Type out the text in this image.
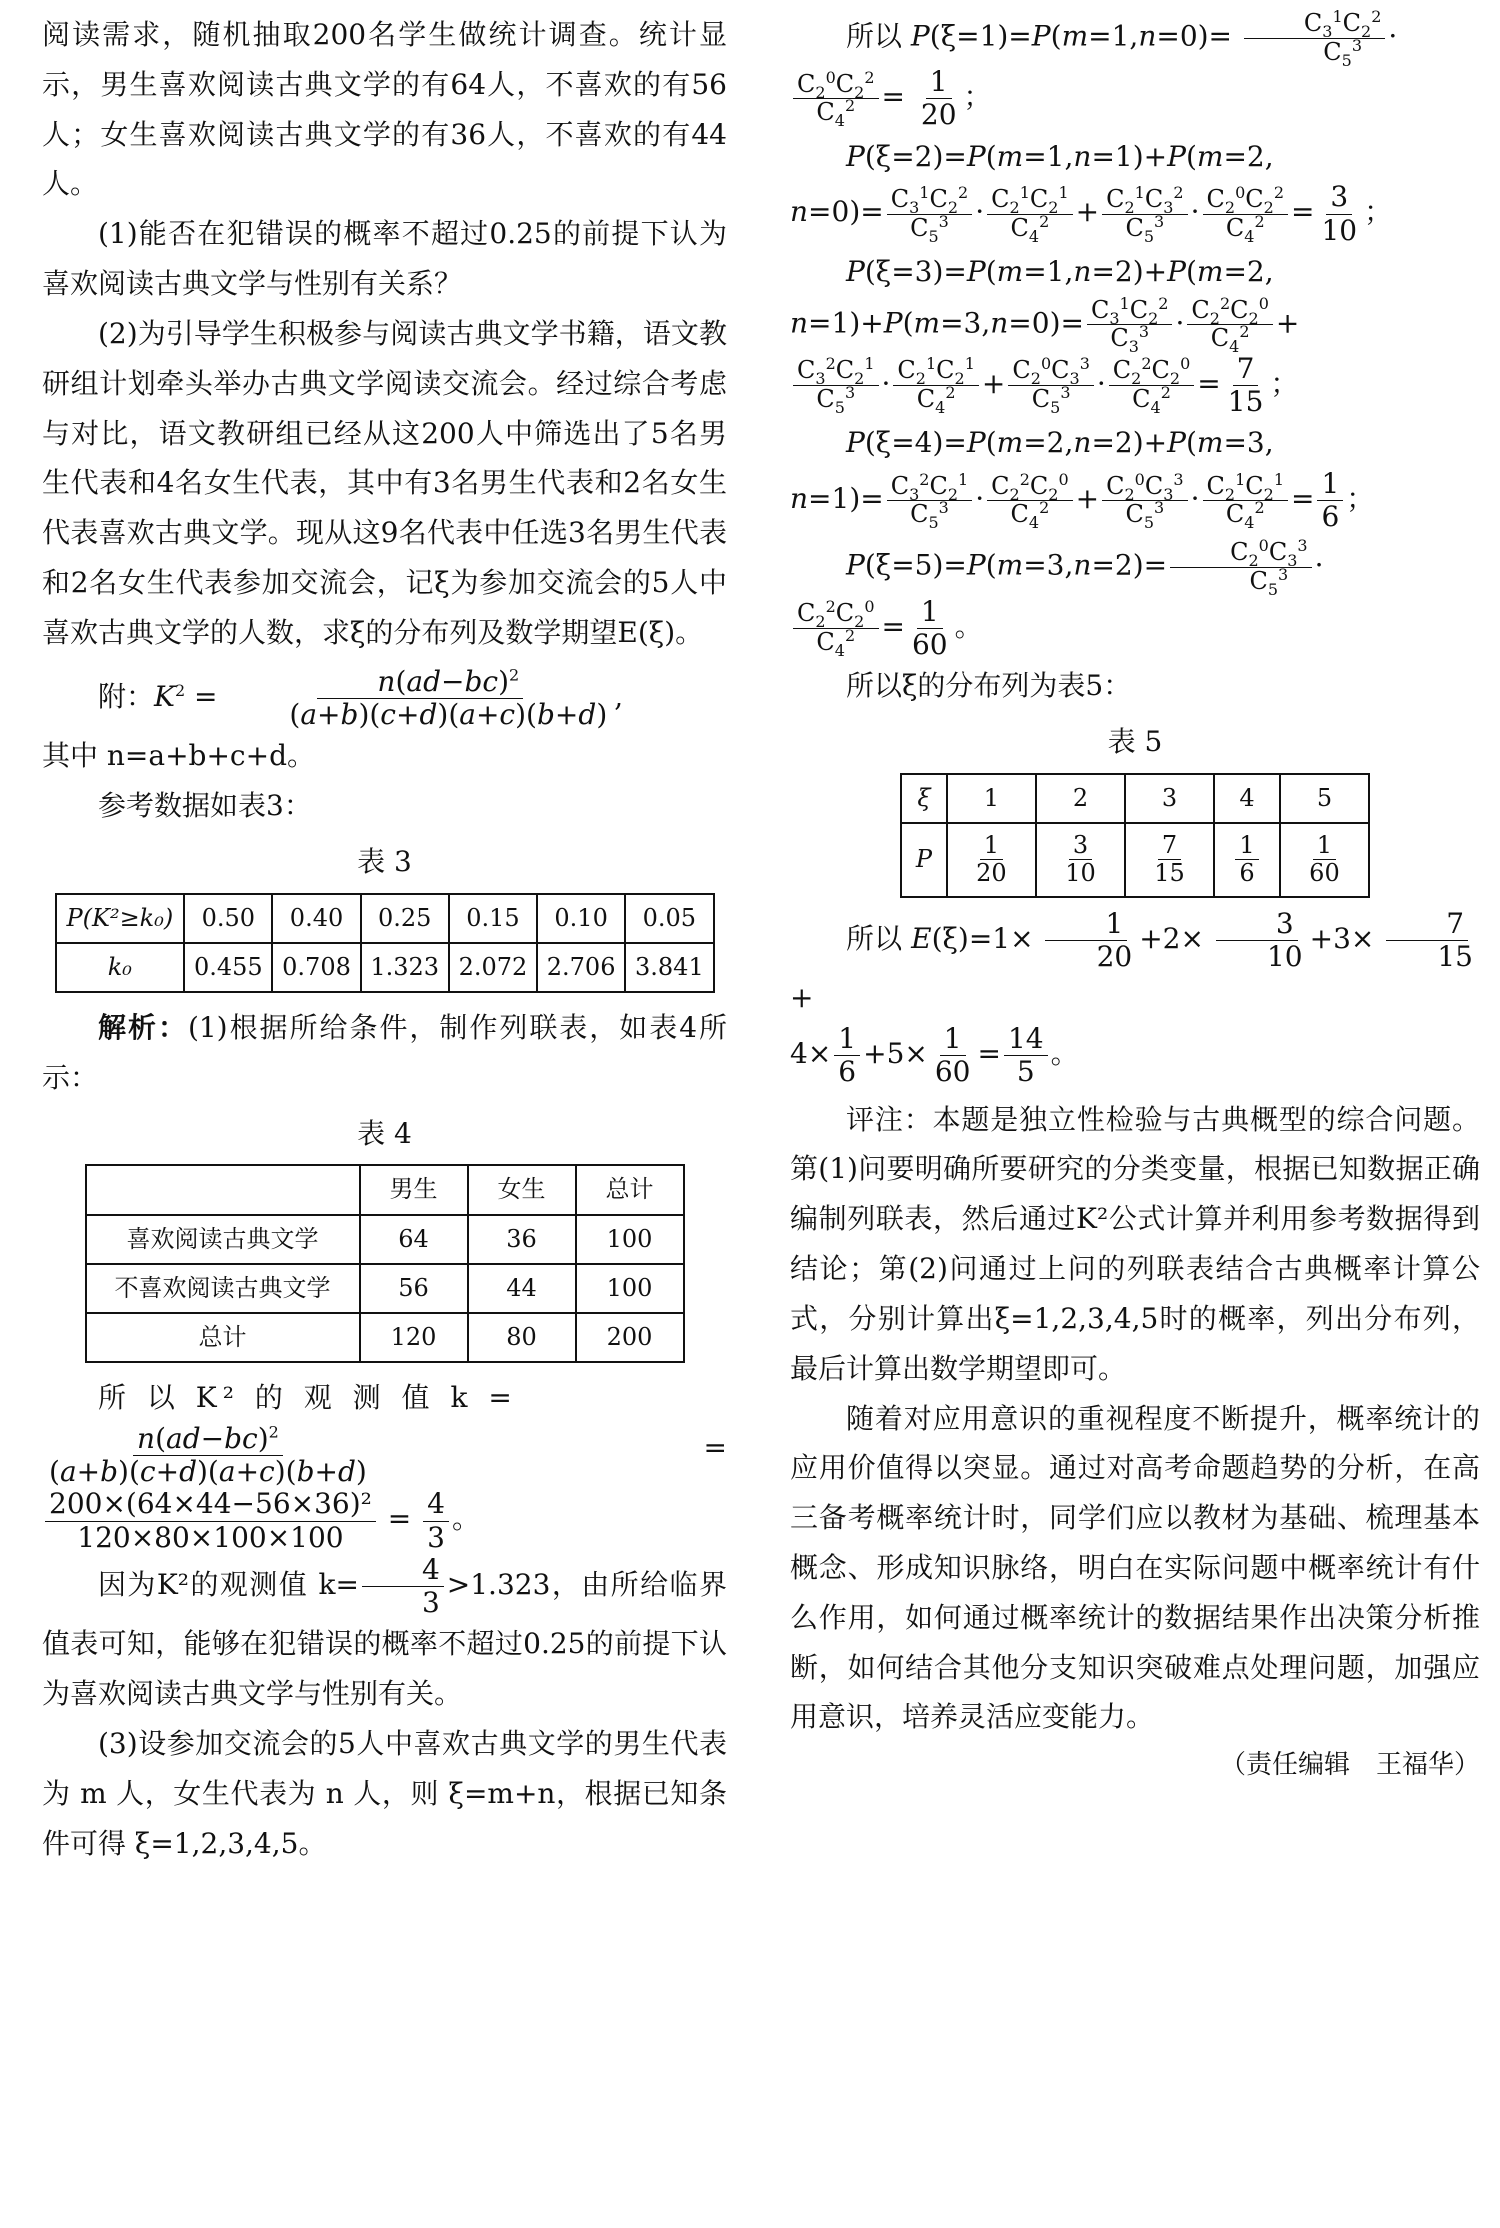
阅读需求，随机抽取200名学生做统计调查。统计显示，男生喜欢阅读古典文学的有64人，不喜欢的有56人；女生喜欢阅读古典文学的有36人，不喜欢的有44人。

(1)能否在犯错误的概率不超过0.25的前提下认为喜欢阅读古典文学与性别有关系？

(2)为引导学生积极参与阅读古典文学书籍，语文教研组计划牵头举办古典文学阅读交流会。经过综合考虑与对比，语文教研组已经从这200人中筛选出了5名男生代表和4名女生代表，其中有3名男生代表和2名女生代表喜欢古典文学。现从这9名代表中任选3名男生代表和2名女生代表参加交流会，记ξ为参加交流会的5人中喜欢古典文学的人数，求ξ的分布列及数学期望E(ξ)。

附：$K^2 = \frac{n(ad-bc)^2}{(a+b)(c+d)(a+c)(b+d)}$ ,

其中 n=a+b+c+d。

参考数据如表3：

表 3
P(K²≥k₀)	0.50	0.40	0.25	0.15	0.10	0.05
k₀	0.455	0.708	1.323	2.072	2.706	3.841

解析：(1)根据所给条件，制作列联表，如表4所示：

表 4
	男生	女生	总计
喜欢阅读古典文学	64	36	100
不喜欢阅读古典文学	56	44	100
总计	120	80	200

所 以 K² 的 观 测 值 k =

$\frac{n(ad-bc)^2}{(a+b)(c+d)(a+c)(b+d)}$	=

$\frac{\text{200×(64×44−56×36)²}}{120\times 80\times 100\times 100} = \frac{4}{3}$ 。

因为K²的观测值 $k= \frac{4}{3} >1.323$，由所给临界值表可知，能够在犯错误的概率不超过0.25的前提下认为喜欢阅读古典文学与性别有关。

(3)设参加交流会的5人中喜欢古典文学的男生代表为 m 人，女生代表为 n 人，则 ξ=m+n，根据已知条件可得 ξ=1,2,3,4,5。

所以 $P(\xi=1)=P(m=1,n=0)= \frac{C_3^1C_2^2}{C_5^3}$ ·

$\frac{C_2^0C_2^2}{C_4^2} = \frac{1}{20}$ ；

P(ξ=2)=P(m=1,n=1)+P(m=2,

$n=0)= \frac{C_3^1C_2^2}{C_5^3} \cdot \frac{C_2^1C_2^1}{C_4^2} + \frac{C_2^1C_3^2}{C_5^3} \cdot \frac{C_2^0C_2^2}{C_4^2} = \frac{3}{10}$ ；

P(ξ=3)=P(m=1,n=2)+P(m=2,

$n=1)+P(m=3,n=0)= \frac{C_3^1C_2^2}{C_3^3} \cdot \frac{C_2^2C_2^0}{C_4^2}$ +

$\frac{C_3^2C_2^1}{C_5^3} \cdot \frac{C_2^1C_2^1}{C_4^2} + \frac{C_2^0C_3^3}{C_5^3} \cdot \frac{C_2^2C_2^0}{C_4^2} = \frac{7}{15}$ ；

P(ξ=4)=P(m=2,n=2)+P(m=3,

$n=1)= \frac{C_3^2C_2^1}{C_5^3} \cdot \frac{C_2^2C_2^0}{C_4^2} + \frac{C_2^0C_3^3}{C_5^3} \cdot \frac{C_2^1C_2^1}{C_4^2} = \frac{1}{6}$ ；

$P(\xi=5)=P(m=3,n=2)= \frac{C_2^0C_3^3}{C_5^3}$ ·

$\frac{C_2^2C_2^0}{C_4^2} = \frac{1}{60}$ 。

所以ξ的分布列为表5：

表 5
ξ	1	2	3	4	5
P	$\frac{1}{20}$	$\frac{3}{10}$	$\frac{7}{15}$	$\frac{1}{6}$	$\frac{1}{60}$

所以 $E(\xi)=1\times \frac{1}{20} +2\times \frac{3}{10} +3\times \frac{7}{15}$
+

$4\times \frac{1}{6} +5\times \frac{1}{60} = \frac{14}{5}$ 。

评注：本题是独立性检验与古典概型的综合问题。第(1)问要明确所要研究的分类变量，根据已知数据正确编制列联表，然后通过K²公式计算并利用参考数据得到结论；第(2)问通过上问的列联表结合古典概率计算公式，分别计算出ξ=1,2,3,4,5时的概率，列出分布列，最后计算出数学期望即可。

随着对应用意识的重视程度不断提升，概率统计的应用价值得以突显。通过对高考命题趋势的分析，在高三备考概率统计时，同学们应以教材为基础、梳理基本概念、形成知识脉络，明白在实际问题中概率统计有什么作用，如何通过概率统计的数据结果作出决策分析推断，如何结合其他分支知识突破难点处理问题，加强应用意识，培养灵活应变能力。

（责任编辑　王福华）
